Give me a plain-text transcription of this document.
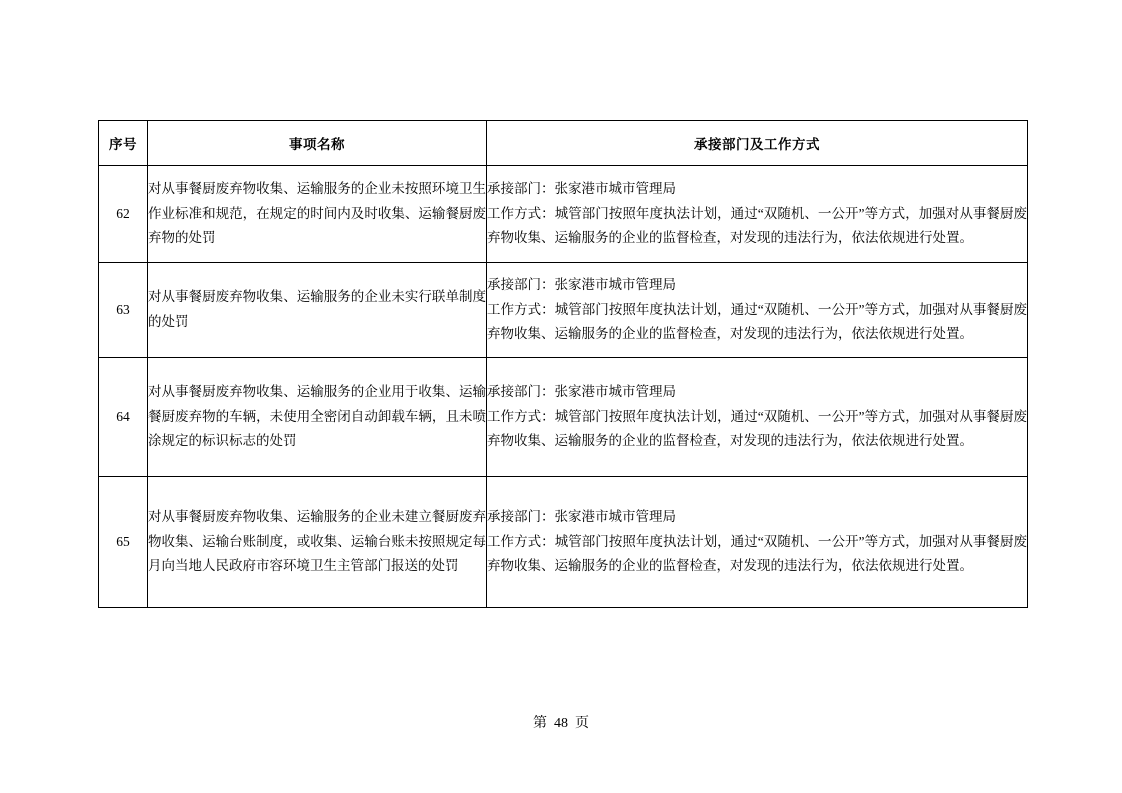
序号	事项名称	承接部门及工作方式
62	对从事餐厨废弃物收集、运输服务的企业未按照环境卫生作业标准和规范，在规定的时间内及时收集、运输餐厨废弃物的处罚	承接部门：张家港市城市管理局
工作方式：城管部门按照年度执法计划，通过“双随机、一公开”等方式，加强对从事餐厨废弃物收集、运输服务的企业的监督检查，对发现的违法行为，依法依规进行处置。

63	对从事餐厨废弃物收集、运输服务的企业未实行联单制度的处罚	承接部门：张家港市城市管理局
工作方式：城管部门按照年度执法计划，通过“双随机、一公开”等方式，加强对从事餐厨废弃物收集、运输服务的企业的监督检查，对发现的违法行为，依法依规进行处置。

64	对从事餐厨废弃物收集、运输服务的企业用于收集、运输餐厨废弃物的车辆，未使用全密闭自动卸载车辆，且未喷涂规定的标识标志的处罚	承接部门：张家港市城市管理局
工作方式：城管部门按照年度执法计划，通过“双随机、一公开”等方式，加强对从事餐厨废弃物收集、运输服务的企业的监督检查，对发现的违法行为，依法依规进行处置。

65	对从事餐厨废弃物收集、运输服务的企业未建立餐厨废弃物收集、运输台账制度，或收集、运输台账未按照规定每月向当地人民政府市容环境卫生主管部门报送的处罚	承接部门：张家港市城市管理局
工作方式：城管部门按照年度执法计划，通过“双随机、一公开”等方式，加强对从事餐厨废弃物收集、运输服务的企业的监督检查，对发现的违法行为，依法依规进行处置。
第 48 页
